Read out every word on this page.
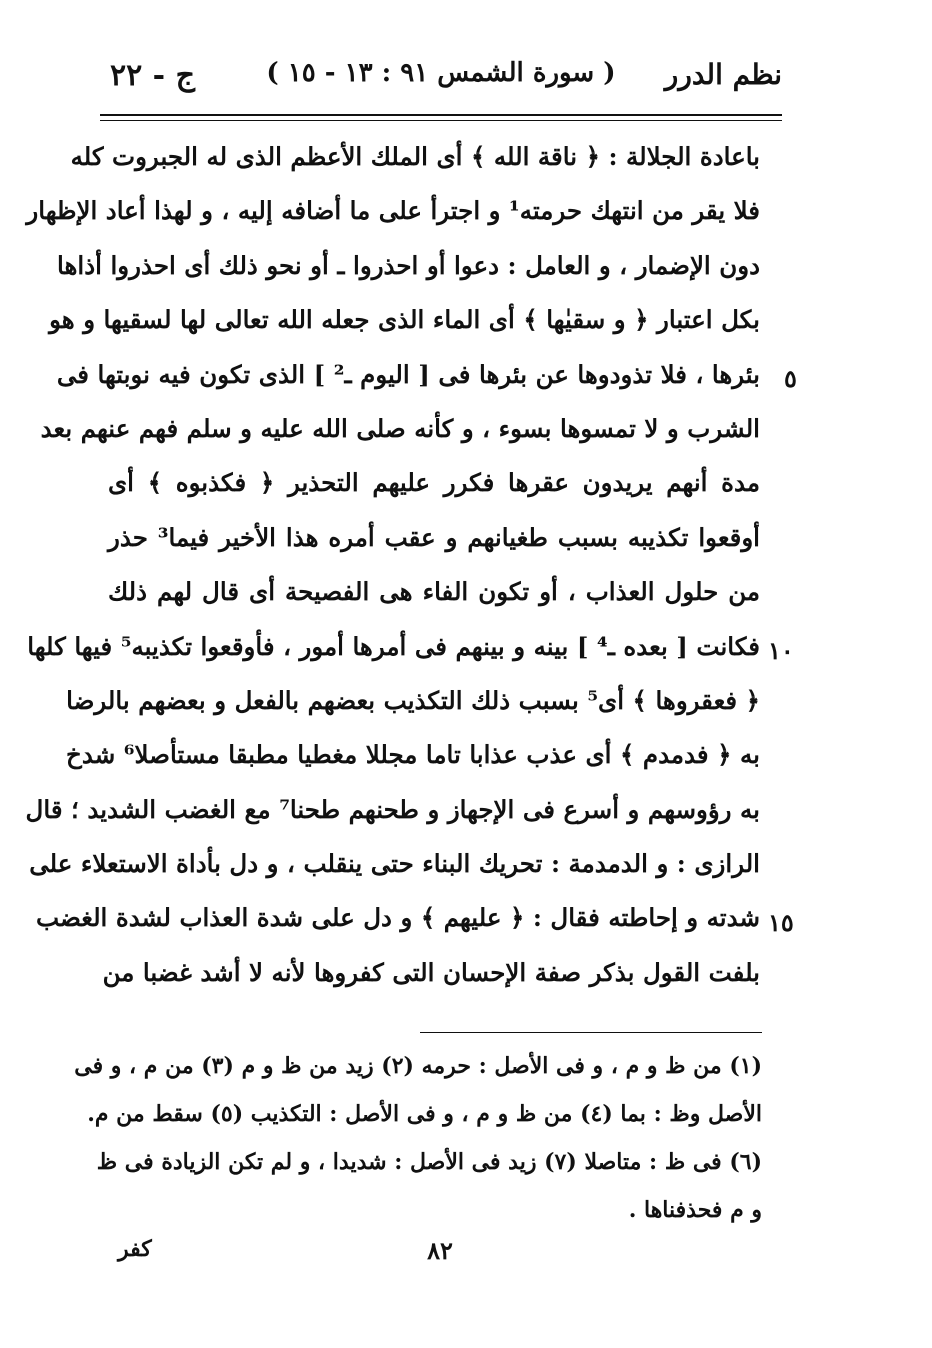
نظم الدرر
( سورة الشمس ٩١ : ١٣ - ١٥ )
ج - ٢٢
باعادة الجلالة : ﴿ ناقة الله ﴾ أى الملك الأعظم الذى له الجبروت كله
فلا يقر من انتهك حرمته¹ و اجترأ على ما أضافه إليه ، و لهذا أعاد الإظهار
دون الإضمار ، و العامل : دعوا أو احذروا ـ أو نحو ذلك أى احذروا أذاها
بكل اعتبار ﴿ و سقيٰها ﴾ أى الماء الذى جعله الله تعالى لها لسقيها و هو
بئرها ، فلا تذودوها عن بئرها فى [ اليوم ـ² ] الذى تكون فيه نوبتها فى
الشرب و لا تمسوها بسوء ، و كأنه صلى الله عليه و سلم فهم عنهم بعد
مدة أنهم يريدون عقرها فكرر عليهم التحذير ﴿ فكذبوه ﴾ أى
أوقعوا تكذيبه بسبب طغيانهم و عقب أمره هذا الأخير فيما³ حذر
من حلول العذاب ، أو تكون الفاء هى الفصيحة أى قال لهم ذلك
فكانت [ بعده ـ⁴ ] بينه و بينهم فى أمرها أمور ، فأوقعوا تكذيبه⁵ فيها كلها
﴿ فعقروها ﴾ أى⁵ بسبب ذلك التكذيب بعضهم بالفعل و بعضهم بالرضا
به ﴿ فدمدم ﴾ أى عذب عذابا تاما مجللا مغطيا مطبقا مستأصلا⁶ شدخ
به رؤوسهم و أسرع فى الإجهاز و طحنهم طحنا⁷ مع الغضب الشديد ؛ قال
الرازى : و الدمدمة : تحريك البناء حتى ينقلب ، و دل بأداة الاستعلاء على
شدته و إحاطته فقال : ﴿ عليهم ﴾ و دل على شدة العذاب لشدة الغضب
بلفت القول بذكر صفة الإحسان التى كفروها لأنه لا أشد غضبا من
٥
١٠
١٥
(١) من ظ و م ، و فى الأصل : حرمه (٢) زيد من ظ و م (٣) من م ، و فى
الأصل وظ : بما (٤) من ظ و م ، و فى الأصل : التكذيب (٥) سقط من م.
(٦) فى ظ : متاصلا (٧) زيد فى الأصل : شديدا ، و لم تكن الزيادة فى ظ
و م فحذفناها .
٨٢
كفر
